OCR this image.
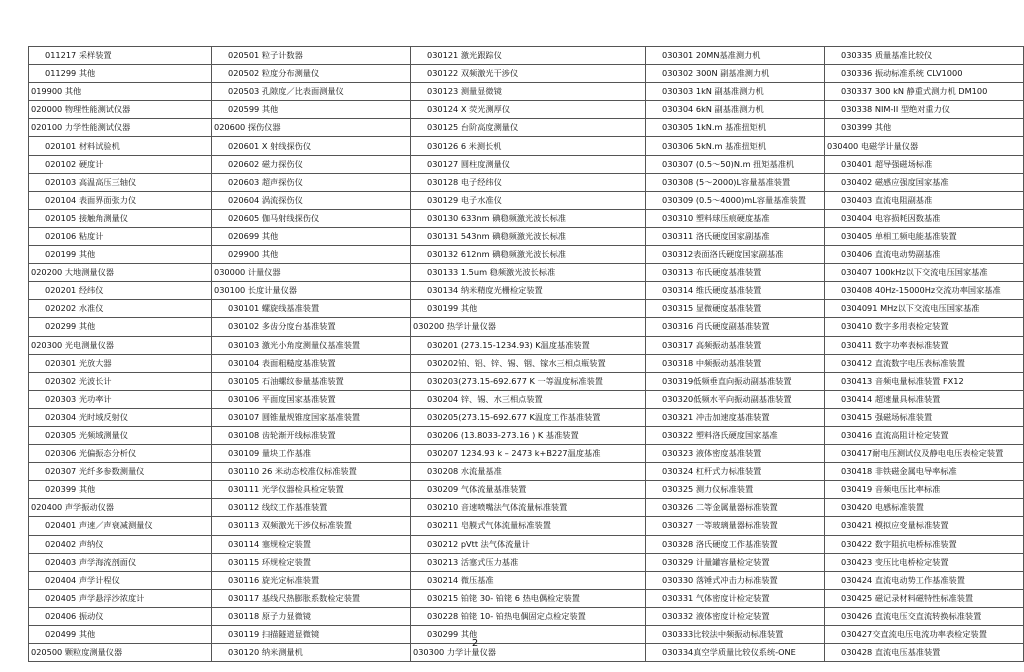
011217 采样装置	020501 粒子计数器	030121 激光跟踪仪	030301 20MN基准测力机	030335 质量基准比较仪
011299 其他	020502 粒度分布测量仪	030122 双频激光干涉仪	030302 300N 副基准测力机	030336 振动标准系统 CLV1000
019900 其他	020503 孔隙度／比表面测量仪	030123 测量显微镜	030303 1kN 副基准测力机	030337 300 kN 静重式测力机 DM100
020000 物理性能测试仪器	020599 其他	030124 X 荧光测厚仪	030304 6kN 副基准测力机	030338 NIM-II 型绝对重力仪
020100 力学性能测试仪器	020600 探伤仪器	030125 台阶高度测量仪	030305 1kN.m 基准扭矩机	030399 其他
020101 材料试验机	020601 X 射线探伤仪	030126 6 米测长机	030306 5kN.m 基准扭矩机	030400 电磁学计量仪器
020102 硬度计	020602 磁力探伤仪	030127 圆柱度测量仪	030307 (0.5～50)N.m 扭矩基准机	030401 超导强磁场标准
020103 高温高压三轴仪	020603 超声探伤仪	030128 电子经纬仪	030308 (5～2000)L容量基准装置	030402 磁感应强度国家基准
020104 表面界面张力仪	020604 涡流探伤仪	030129 电子水准仪	030309 (0.5～4000)mL容量基准装置	030403 直流电阻副基准
020105 接触角测量仪	020605 伽马射线探伤仪	030130 633nm 碘稳频激光波长标准	030310 塑料球压痕硬度基准	030404 电容损耗因数基准
020106 粘度计	020699 其他	030131 543nm 碘稳频激光波长标准	030311 洛氏硬度国家副基准	030405 单相工频电能基准装置
020199 其他	029900 其他	030132 612nm 碘稳频激光波长标准	030312表面洛氏硬度国家副基准	030406 直流电动势副基准
020200 大地测量仪器	030000 计量仪器	030133 1.5um 稳频激光波长标准	030313 布氏硬度基准装置	030407 100kHz以下交流电压国家基准
020201 经纬仪	030100 长度计量仪器	030134 纳米精度光栅检定装置	030314 维氏硬度基准装置	030408 40Hz-15000Hz交流功率国家基准
020202 水准仪	030101 螺旋线基准装置	030199 其他	030315 显微硬度基准装置	0304091 MHz以下交流电压国家基准
020299 其他	030102 多齿分度台基准装置	030200 热学计量仪器	030316 肖氏硬度副基准装置	030410 数字多用表检定装置
020300 光电测量仪器	030103 激光小角度测量仪基准装置	030201 (273.15-1234.93) K温度基准装置	030317 高频振动基准装置	030411 数字功率表标准装置
020301 光放大器	030104 表面粗糙度基准装置	030202铂、铝、锌、锡、铟、镓水三相点瓶装置	030318 中频振动基准装置	030412 直流数字电压表标准装置
020302 光波长计	030105 石油螺纹参量基准装置	030203(273.15-692.677 K 一等温度标准装置	030319低频垂直向振动副基准装置	030413 音频电量标准装置 FX12
020303 光功率计	030106 平面度国家基准装置	030204 锌、锡、水三相点装置	030320低频水平向振动副基准装置	030414 超速量具标准装置
020304 光时域反射仪	030107 圆锥量规锥度国家基准装置	030205(273.15-692.677 K温度工作基准装置	030321 冲击加速度基准装置	030415 强磁场标准装置
020305 光频域测量仪	030108 齿轮渐开线标准装置	030206 (13.8033-273.16 ) K 基准装置	030322 塑料洛氏硬度国家基准	030416 直流高阻计检定装置
020306 光偏振态分析仪	030109 量块工作基准	030207 1234.93 k – 2473 k+B227温度基准	030323 液体密度基准装置	030417耐电压测试仪及静电电压表检定装置
020307 光纤多参数测量仪	030110 26 米动态校准仪标准装置	030208 水流量基准	030324 杠杆式力标准装置	030418 非铁磁金属电导率标准
020399 其他	030111 光学仪器检具检定装置	030209 气体流量基准装置	030325 测力仪标准装置	030419 音频电压比率标准
020400 声学振动仪器	030112 线纹工作基准装置	030210 音速喷嘴法气体流量标准装置	030326 二等金属量器标准装置	030420 电感标准装置
020401 声速／声衰减测量仪	030113 双频激光干涉仪标准装置	030211 皂膜式气体流量标准装置	030327 一等玻璃量器标准装置	030421 模拟应变量标准装置
020402 声纳仪	030114 塞规检定装置	030212 pVtt 法气体流量计	030328 洛氏硬度工作基准装置	030422 数字阻抗电桥标准装置
020403 声学海流剖面仪	030115 环规检定装置	030213 活塞式压力基准	030329 计量罐容量检定装置	030423 变压比电桥检定装置
020404 声学计程仪	030116 旋光定标准装置	030214 微压基准	030330 落锤式冲击力标准装置	030424 直流电动势工作基准装置
020405 声学悬浮沙浓度计	030117 基线尺热膨胀系数检定装置	030215 铂铑 30- 铂铑 6 热电偶检定装置	030331 气体密度计检定装置	030425 磁记录材料磁特性标准装置
020406 振动仪	030118 原子力显微镜	030228 铂铑 10- 铂热电偶固定点检定装置	030332 液体密度计检定装置	030426 直流电压交直流转换标准装置
020499 其他	030119 扫描隧道显微镜	030299 其他	030333比较法中频振动标准装置	030427交直流电压电流功率表检定装置
020500 颗粒度测量仪器	030120 纳米测量机	030300 力学计量仪器	030334真空学质量比较仪系统-ONE	030428 直流电压基准装置
2
